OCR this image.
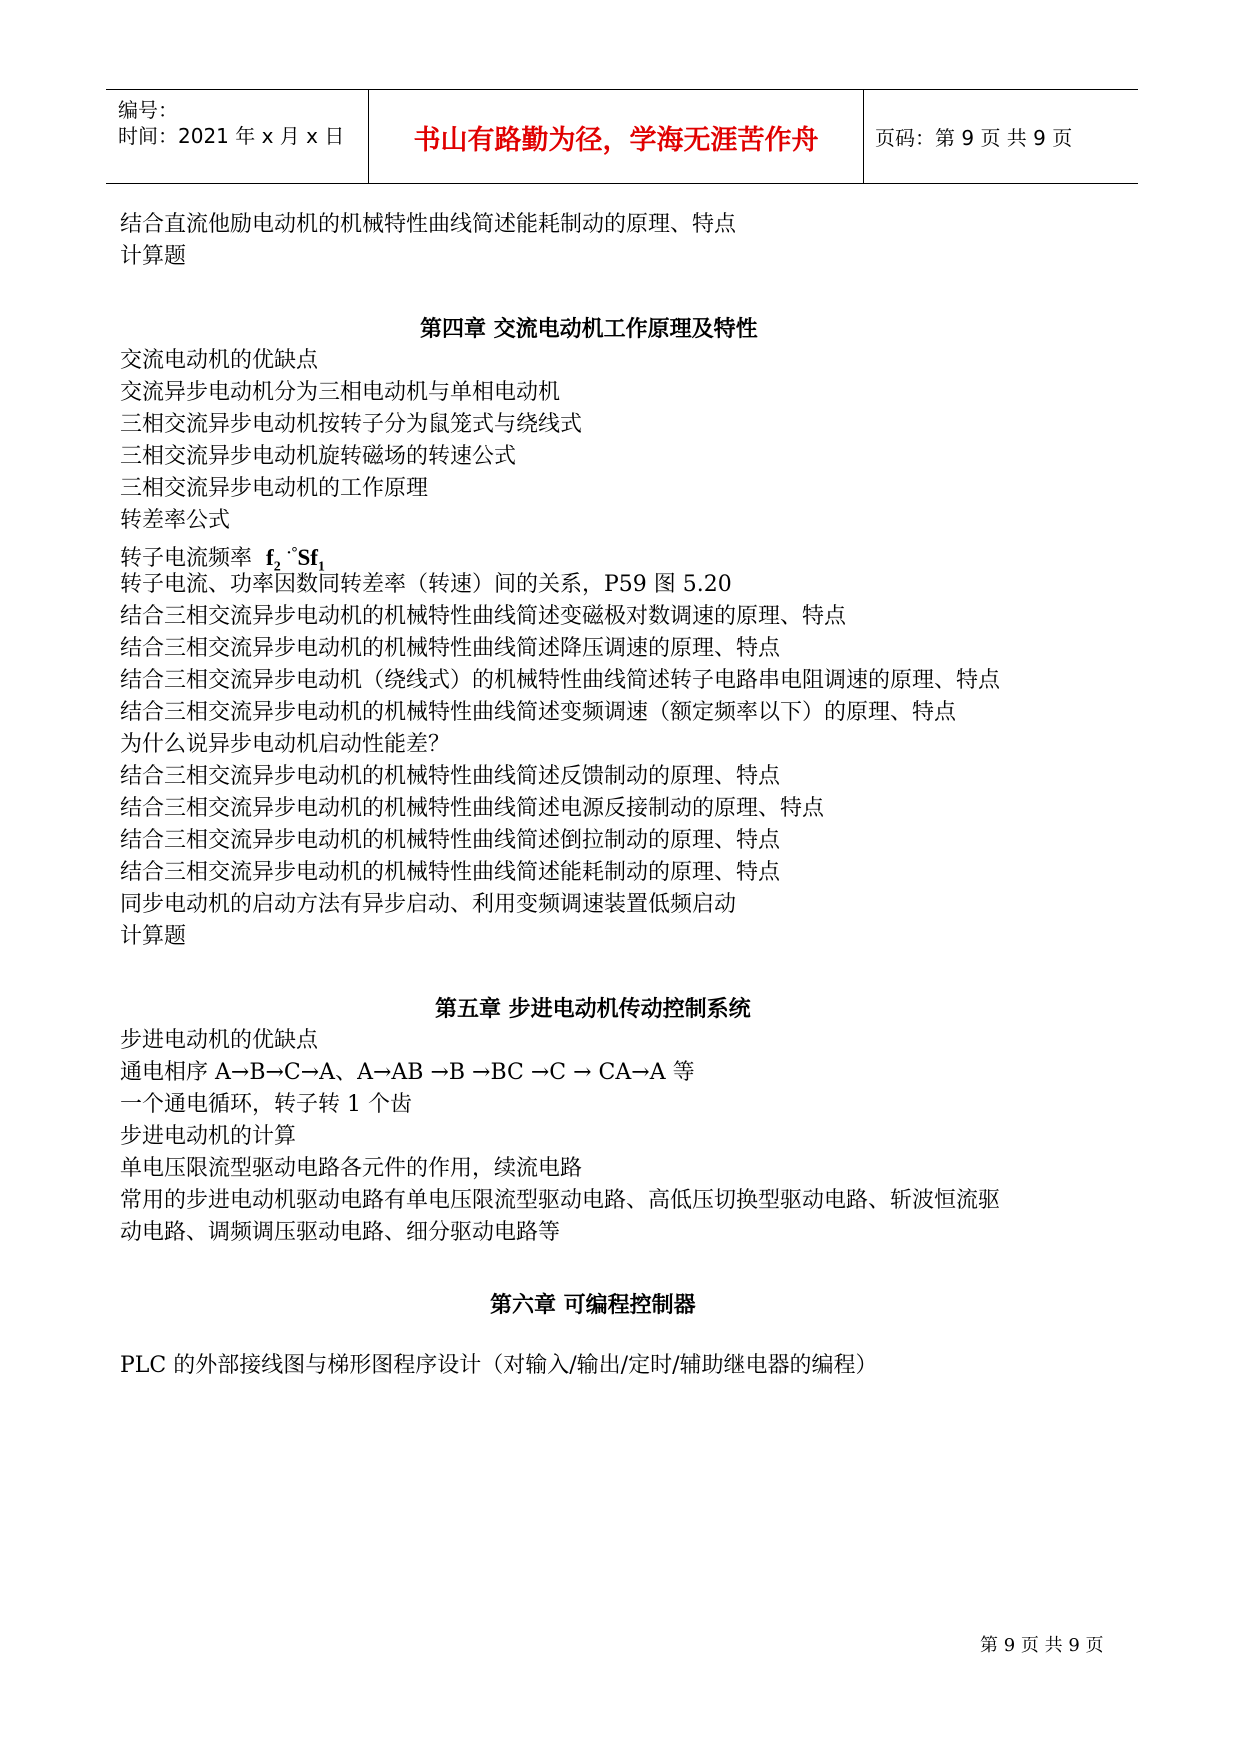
编号：
时间：2021 年 x 月 x 日	书山有路勤为径，学海无涯苦作舟	页码：第 9 页 共 9 页
结合直流他励电动机的机械特性曲线简述能耗制动的原理、特点
计算题
第四章 交流电动机工作原理及特性
交流电动机的优缺点
交流异步电动机分为三相电动机与单相电动机
三相交流异步电动机按转子分为鼠笼式与绕线式
三相交流异步电动机旋转磁场的转速公式
三相交流异步电动机的工作原理
转差率公式
转子电流频率 $f_2$ $^{\cdot^\circ}Sf_1$
转子电流、功率因数同转差率（转速）间的关系，P59 图 5.20
结合三相交流异步电动机的机械特性曲线简述变磁极对数调速的原理、特点
结合三相交流异步电动机的机械特性曲线简述降压调速的原理、特点
结合三相交流异步电动机（绕线式）的机械特性曲线简述转子电路串电阻调速的原理、特点
结合三相交流异步电动机的机械特性曲线简述变频调速（额定频率以下）的原理、特点
为什么说异步电动机启动性能差？
结合三相交流异步电动机的机械特性曲线简述反馈制动的原理、特点
结合三相交流异步电动机的机械特性曲线简述电源反接制动的原理、特点
结合三相交流异步电动机的机械特性曲线简述倒拉制动的原理、特点
结合三相交流异步电动机的机械特性曲线简述能耗制动的原理、特点
同步电动机的启动方法有异步启动、利用变频调速装置低频启动
计算题
第五章 步进电动机传动控制系统
步进电动机的优缺点
通电相序 A→B→C→A、A→AB →B →BC →C → CA→A 等
一个通电循环，转子转 1 个齿
步进电动机的计算
单电压限流型驱动电路各元件的作用，续流电路
常用的步进电动机驱动电路有单电压限流型驱动电路、高低压切换型驱动电路、斩波恒流驱
动电路、调频调压驱动电路、细分驱动电路等
第六章 可编程控制器
PLC 的外部接线图与梯形图程序设计（对输入/输出/定时/辅助继电器的编程）
第 9 页 共 9 页
